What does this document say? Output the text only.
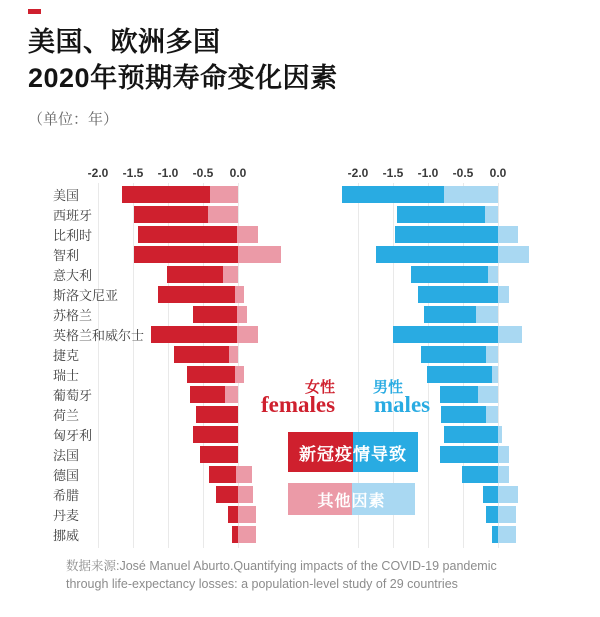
美国、欧洲多国
2020年预期寿命变化因素
（单位：年）
-2.0	-1.5	-1.0	-0.5	0.0	-2.0	-1.5	-1.0	-0.5	0.0
美国
西班牙
比利时
智利
意大利
斯洛文尼亚
苏格兰
英格兰和威尔士
捷克
瑞士
葡萄牙
荷兰
匈牙利
法国
德国
希腊
丹麦
挪威
女性
females
男性
males
新冠疫情导致
其他因素
数据来源:José Manuel Aburto.Quantifying impacts of the COVID-19 pandemic
through life-expectancy losses: a population-level study of 29 countries
